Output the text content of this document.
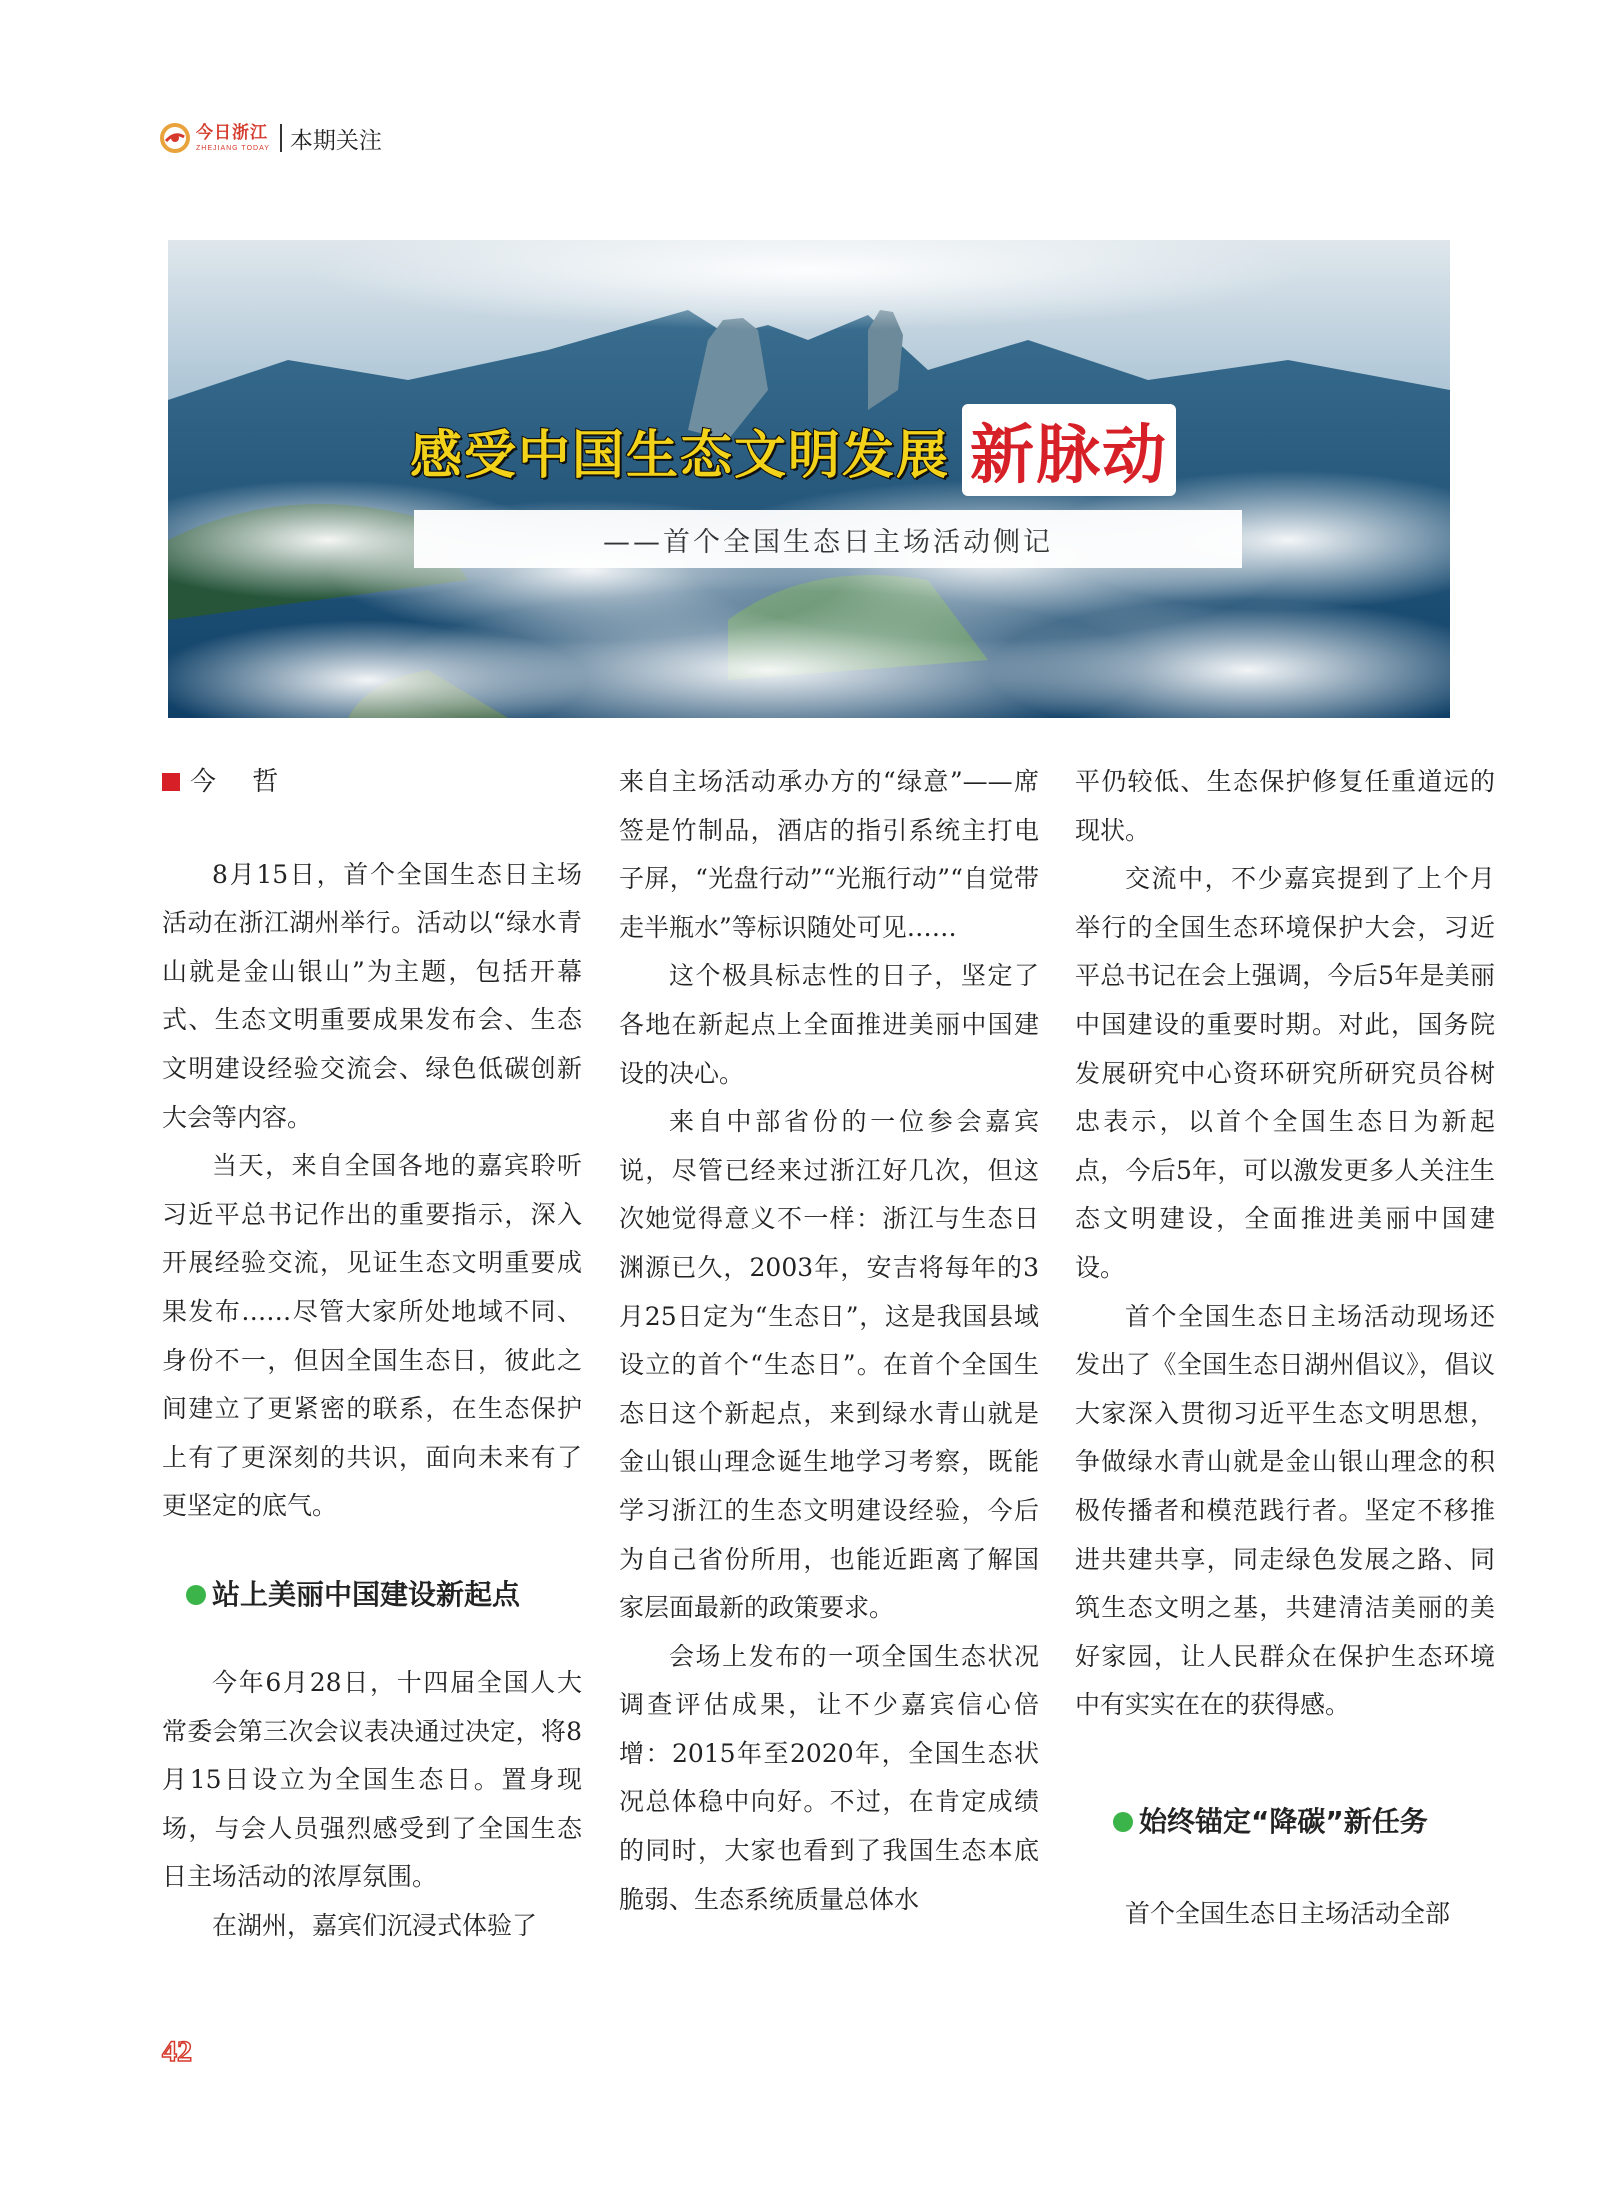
今日浙江
ZHEJIANG TODAY 本期关注
感受中国生态文明发展 新脉动
——首个全国生态日主场活动侧记
今 哲

8月15日，首个全国生态日主场活动在浙江湖州举行。活动以“绿水青山就是金山银山”为主题，包括开幕式、生态文明重要成果发布会、生态文明建设经验交流会、绿色低碳创新大会等内容。

当天，来自全国各地的嘉宾聆听习近平总书记作出的重要指示，深入开展经验交流，见证生态文明重要成果发布……尽管大家所处地域不同、身份不一，但因全国生态日，彼此之间建立了更紧密的联系，在生态保护上有了更深刻的共识，面向未来有了更坚定的底气。

站上美丽中国建设新起点

今年6月28日，十四届全国人大常委会第三次会议表决通过决定，将8月15日设立为全国生态日。置身现场，与会人员强烈感受到了全国生态日主场活动的浓厚氛围。

在湖州，嘉宾们沉浸式体验了

来自主场活动承办方的“绿意”——席签是竹制品，酒店的指引系统主打电子屏，“光盘行动”“光瓶行动”“自觉带走半瓶水”等标识随处可见……

这个极具标志性的日子，坚定了各地在新起点上全面推进美丽中国建设的决心。

来自中部省份的一位参会嘉宾说，尽管已经来过浙江好几次，但这次她觉得意义不一样：浙江与生态日渊源已久，2003年，安吉将每年的3月25日定为“生态日”，这是我国县域设立的首个“生态日”。在首个全国生态日这个新起点，来到绿水青山就是金山银山理念诞生地学习考察，既能学习浙江的生态文明建设经验，今后为自己省份所用，也能近距离了解国家层面最新的政策要求。

会场上发布的一项全国生态状况调查评估成果，让不少嘉宾信心倍增：2015年至2020年，全国生态状况总体稳中向好。不过，在肯定成绩的同时，大家也看到了我国生态本底脆弱、生态系统质量总体水

平仍较低、生态保护修复任重道远的现状。

交流中，不少嘉宾提到了上个月举行的全国生态环境保护大会，习近平总书记在会上强调，今后5年是美丽中国建设的重要时期。对此，国务院发展研究中心资环研究所研究员谷树忠表示，以首个全国生态日为新起点，今后5年，可以激发更多人关注生态文明建设，全面推进美丽中国建设。

首个全国生态日主场活动现场还发出了《全国生态日湖州倡议》，倡议大家深入贯彻习近平生态文明思想，争做绿水青山就是金山银山理念的积极传播者和模范践行者。坚定不移推进共建共享，同走绿色发展之路、同筑生态文明之基，共建清洁美丽的美好家园，让人民群众在保护生态环境中有实实在在的获得感。

始终锚定“降碳”新任务

首个全国生态日主场活动全部

42
